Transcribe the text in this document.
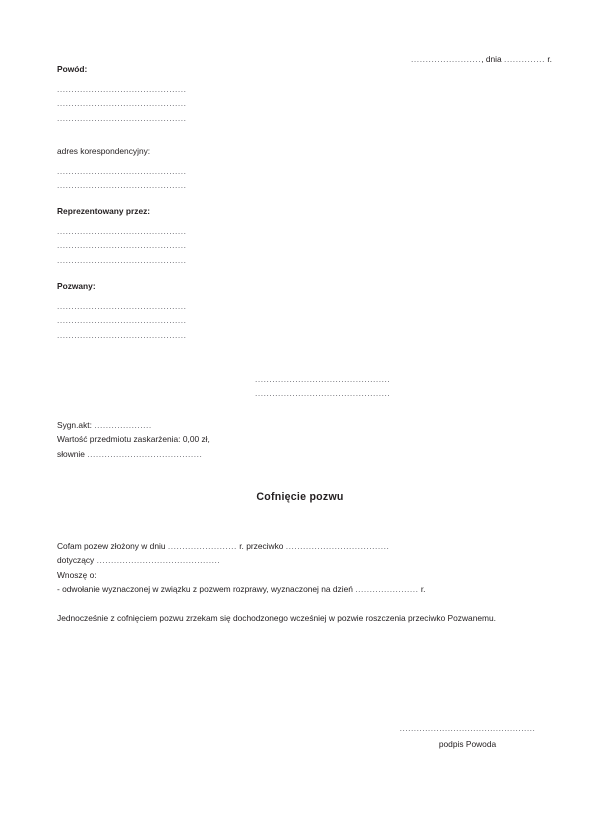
........................, dnia .............. r.

Powód:

.............................................

.............................................

.............................................

adres korespondencyjny:

.............................................

.............................................

Reprezentowany przez:

.............................................

.............................................

.............................................

Pozwany:

.............................................

.............................................

.............................................

...............................................

...............................................

Sygn.akt: ....................

Wartość przedmiotu zaskarżenia: 0,00 zł,

słownie ........................................

Cofnięcie pozwu

Cofam pozew złożony w dniu ........................ r. przeciwko ....................................

dotyczący ...........................................

Wnoszę o:

- odwołanie wyznaczonej w związku z pozwem rozprawy, wyznaczonej na dzień ...................... r.

Jednocześnie z cofnięciem pozwu zrzekam się dochodzonego wcześniej w pozwie roszczenia przeciwko Pozwanemu.

................................................

podpis Powoda
